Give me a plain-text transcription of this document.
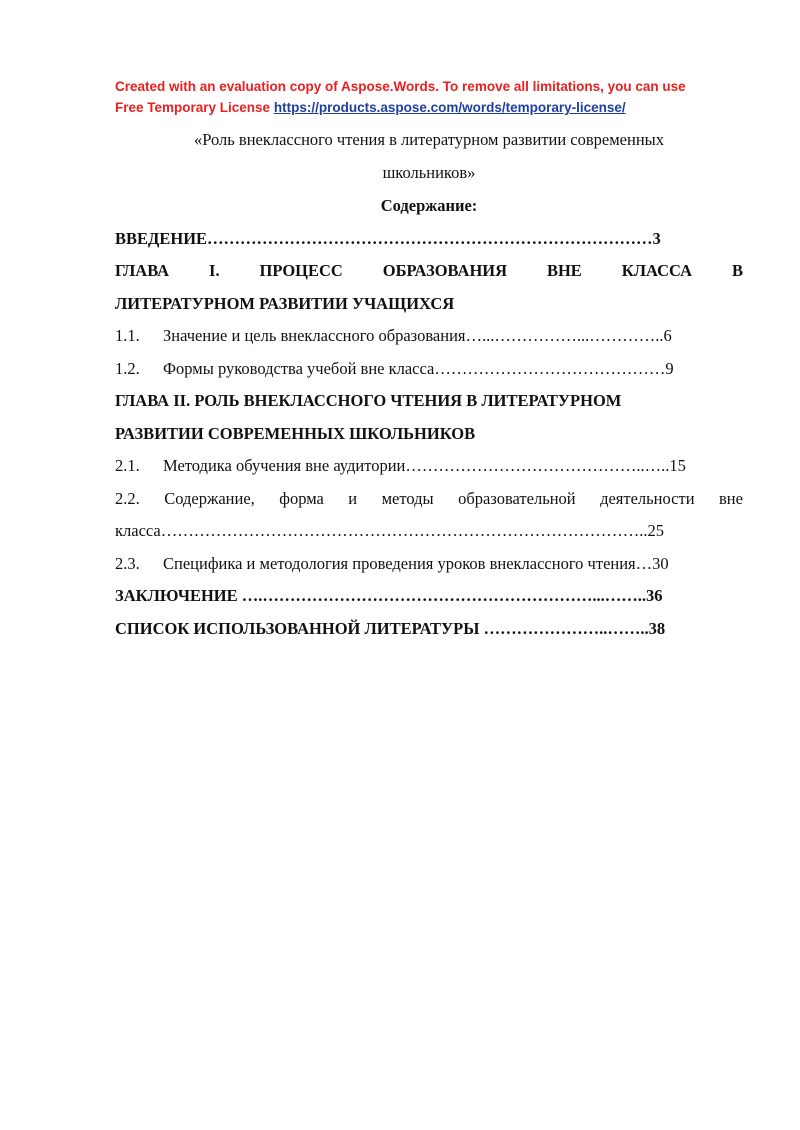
Created with an evaluation copy of Aspose.Words. To remove all limitations, you can use
Free Temporary License https://products.aspose.com/words/temporary-license/
«Роль внеклассного чтения в литературном развитии современных
школьников»
Содержание:
ВВЕДЕНИЕ………………………………………………………………………3
ГЛАВА I. ПРОЦЕСС ОБРАЗОВАНИЯ ВНЕ КЛАССА В
ЛИТЕРАТУРНОМ РАЗВИТИИ УЧАЩИХСЯ
1.1. Значение и цель внеклассного образования…...……………...…………..6
1.2. Формы руководства учебой вне класса……………………………………9
ГЛАВА II. РОЛЬ ВНЕКЛАССНОГО ЧТЕНИЯ В ЛИТЕРАТУРНОМ
РАЗВИТИИ СОВРЕМЕННЫХ ШКОЛЬНИКОВ
2.1. Методика обучения вне аудитории……………………………………..…..15
2.2. Содержание, форма и методы образовательной деятельности вне
класса……………………………………………………………………………..25
2.3. Специфика и методология проведения уроков внеклассного чтения…30
ЗАКЛЮЧЕНИЕ ….……………………………………………………...……..36
СПИСОК ИСПОЛЬЗОВАННОЙ ЛИТЕРАТУРЫ …………………..……..38
